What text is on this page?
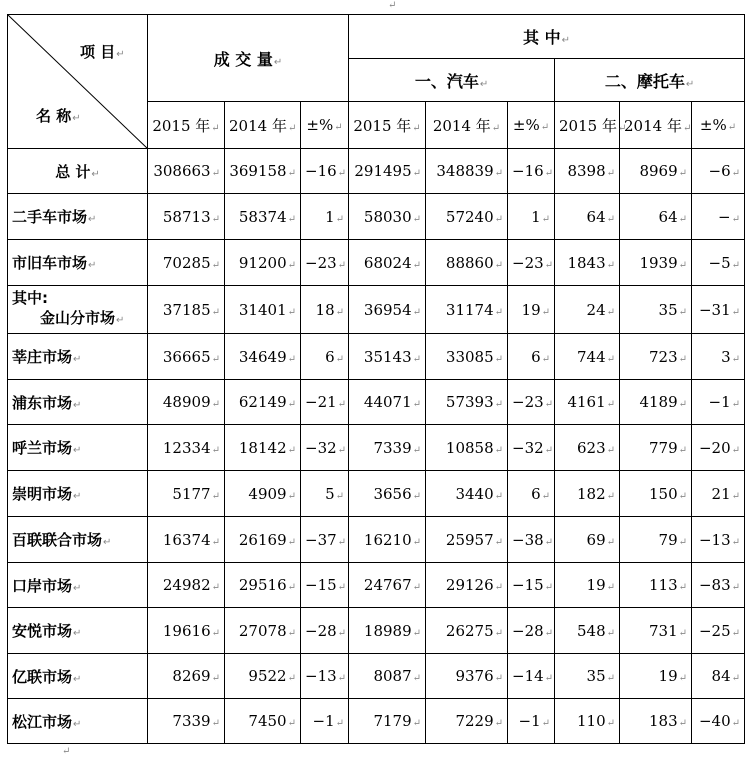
↵
项 目↵
名 称↵	成 交 量↵			其 中↵					
				一、汽车↵			二、摩托车↵		
	2015 年↵	2014 年↵	±%↵	2015 年↵	2014 年↵	±%↵	2015 年↵	2014 年↵	±%↵
总 计↵	308663↵	369158↵	−16↵	291495↵	348839↵	−16↵	8398↵	8969↵	−6↵
二手车市场↵	58713↵	58374↵	1↵	58030↵	57240↵	1↵	64↵	64↵	−↵
市旧车市场↵	70285↵	91200↵	−23↵	68024↵	88860↵	−23↵	1843↵	1939↵	−5↵

其中:
金山分市场↵	37185↵	31401↵	18↵	36954↵	31174↵	19↵	24↵	35↵	−31↵
莘庄市场↵	36665↵	34649↵	6↵	35143↵	33085↵	6↵	744↵	723↵	3↵
浦东市场↵	48909↵	62149↵	−21↵	44071↵	57393↵	−23↵	4161↵	4189↵	−1↵
呼兰市场↵	12334↵	18142↵	−32↵	7339↵	10858↵	−32↵	623↵	779↵	−20↵
崇明市场↵	5177↵	4909↵	5↵	3656↵	3440↵	6↵	182↵	150↵	21↵
百联联合市场↵	16374↵	26169↵	−37↵	16210↵	25957↵	−38↵	69↵	79↵	−13↵
口岸市场↵	24982↵	29516↵	−15↵	24767↵	29126↵	−15↵	19↵	113↵	−83↵
安悦市场↵	19616↵	27078↵	−28↵	18989↵	26275↵	−28↵	548↵	731↵	−25↵
亿联市场↵	8269↵	9522↵	−13↵	8087↵	9376↵	−14↵	35↵	19↵	84↵
松江市场↵	7339↵	7450↵	−1↵	7179↵	7229↵	−1↵	110↵	183↵	−40↵
↵
